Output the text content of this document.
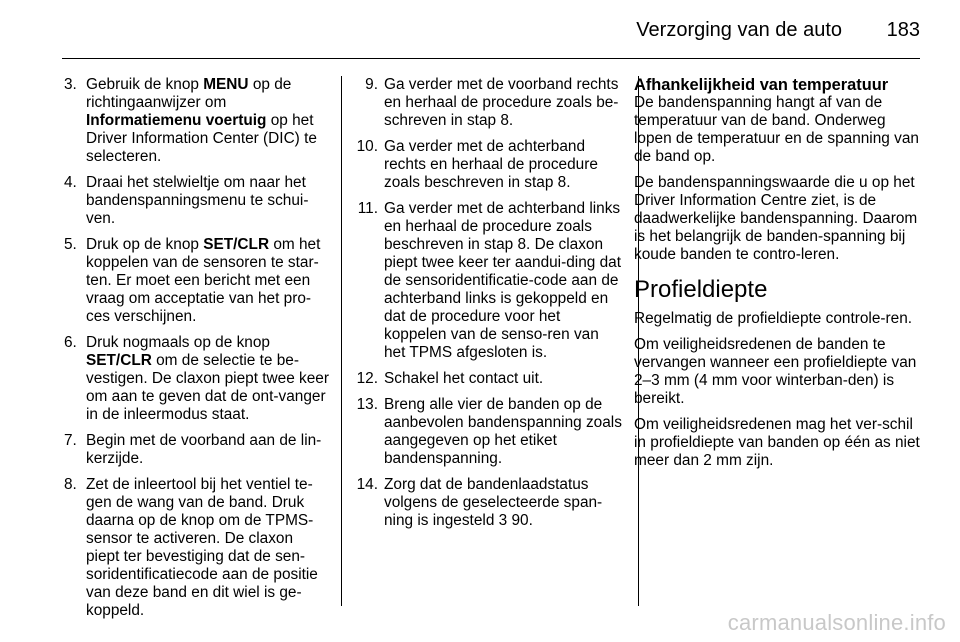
Verzorging van de auto 183
3. Gebruik de knop MENU op de richtingaanwijzer om Informatiemenu voertuig op het Driver Information Center (DIC) te selecteren.
4. Draai het stelwieltje om naar het bandenspanningsmenu te schui-ven.
5. Druk op de knop SET/CLR om het koppelen van de sensoren te star-ten. Er moet een bericht met een vraag om acceptatie van het pro-ces verschijnen.
6. Druk nogmaals op de knop SET/CLR om de selectie te be-vestigen. De claxon piept twee keer om aan te geven dat de ont-vanger in de inleermodus staat.
7. Begin met de voorband aan de lin-kerzijde.
8. Zet de inleertool bij het ventiel te-gen de wang van de band. Druk daarna op de knop om de TPMS-sensor te activeren. De claxon piept ter bevestiging dat de sen-soridentificatiecode aan de positie van deze band en dit wiel is ge-koppeld.
9. Ga verder met de voorband rechts en herhaal de procedure zoals be-schreven in stap 8.
10. Ga verder met de achterband rechts en herhaal de procedure zoals beschreven in stap 8.
11. Ga verder met de achterband links en herhaal de procedure zoals beschreven in stap 8. De claxon piept twee keer ter aandui-ding dat de sensoridentificatie-code aan de achterband links is gekoppeld en dat de procedure voor het koppelen van de senso-ren van het TPMS afgesloten is.
12. Schakel het contact uit.
13. Breng alle vier de banden op de aanbevolen bandenspanning zoals aangegeven op het etiket bandenspanning.
14. Zorg dat de bandenlaadstatus volgens de geselecteerde span-ning is ingesteld 3 90.
Afhankelijkheid van temperatuur

De bandenspanning hangt af van de temperatuur van de band. Onderweg lopen de temperatuur en de spanning van de band op.

De bandenspanningswaarde die u op het Driver Information Centre ziet, is de daadwerkelijke bandenspanning. Daarom is het belangrijk de banden-spanning bij koude banden te contro-leren.

Profieldiepte

Regelmatig de profieldiepte controle-ren.

Om veiligheidsredenen de banden te vervangen wanneer een profieldiepte van 2–3 mm (4 mm voor winterban-den) is bereikt.

Om veiligheidsredenen mag het ver-schil in profieldiepte van banden op één as niet meer dan 2 mm zijn.

carmanualsonline.info
